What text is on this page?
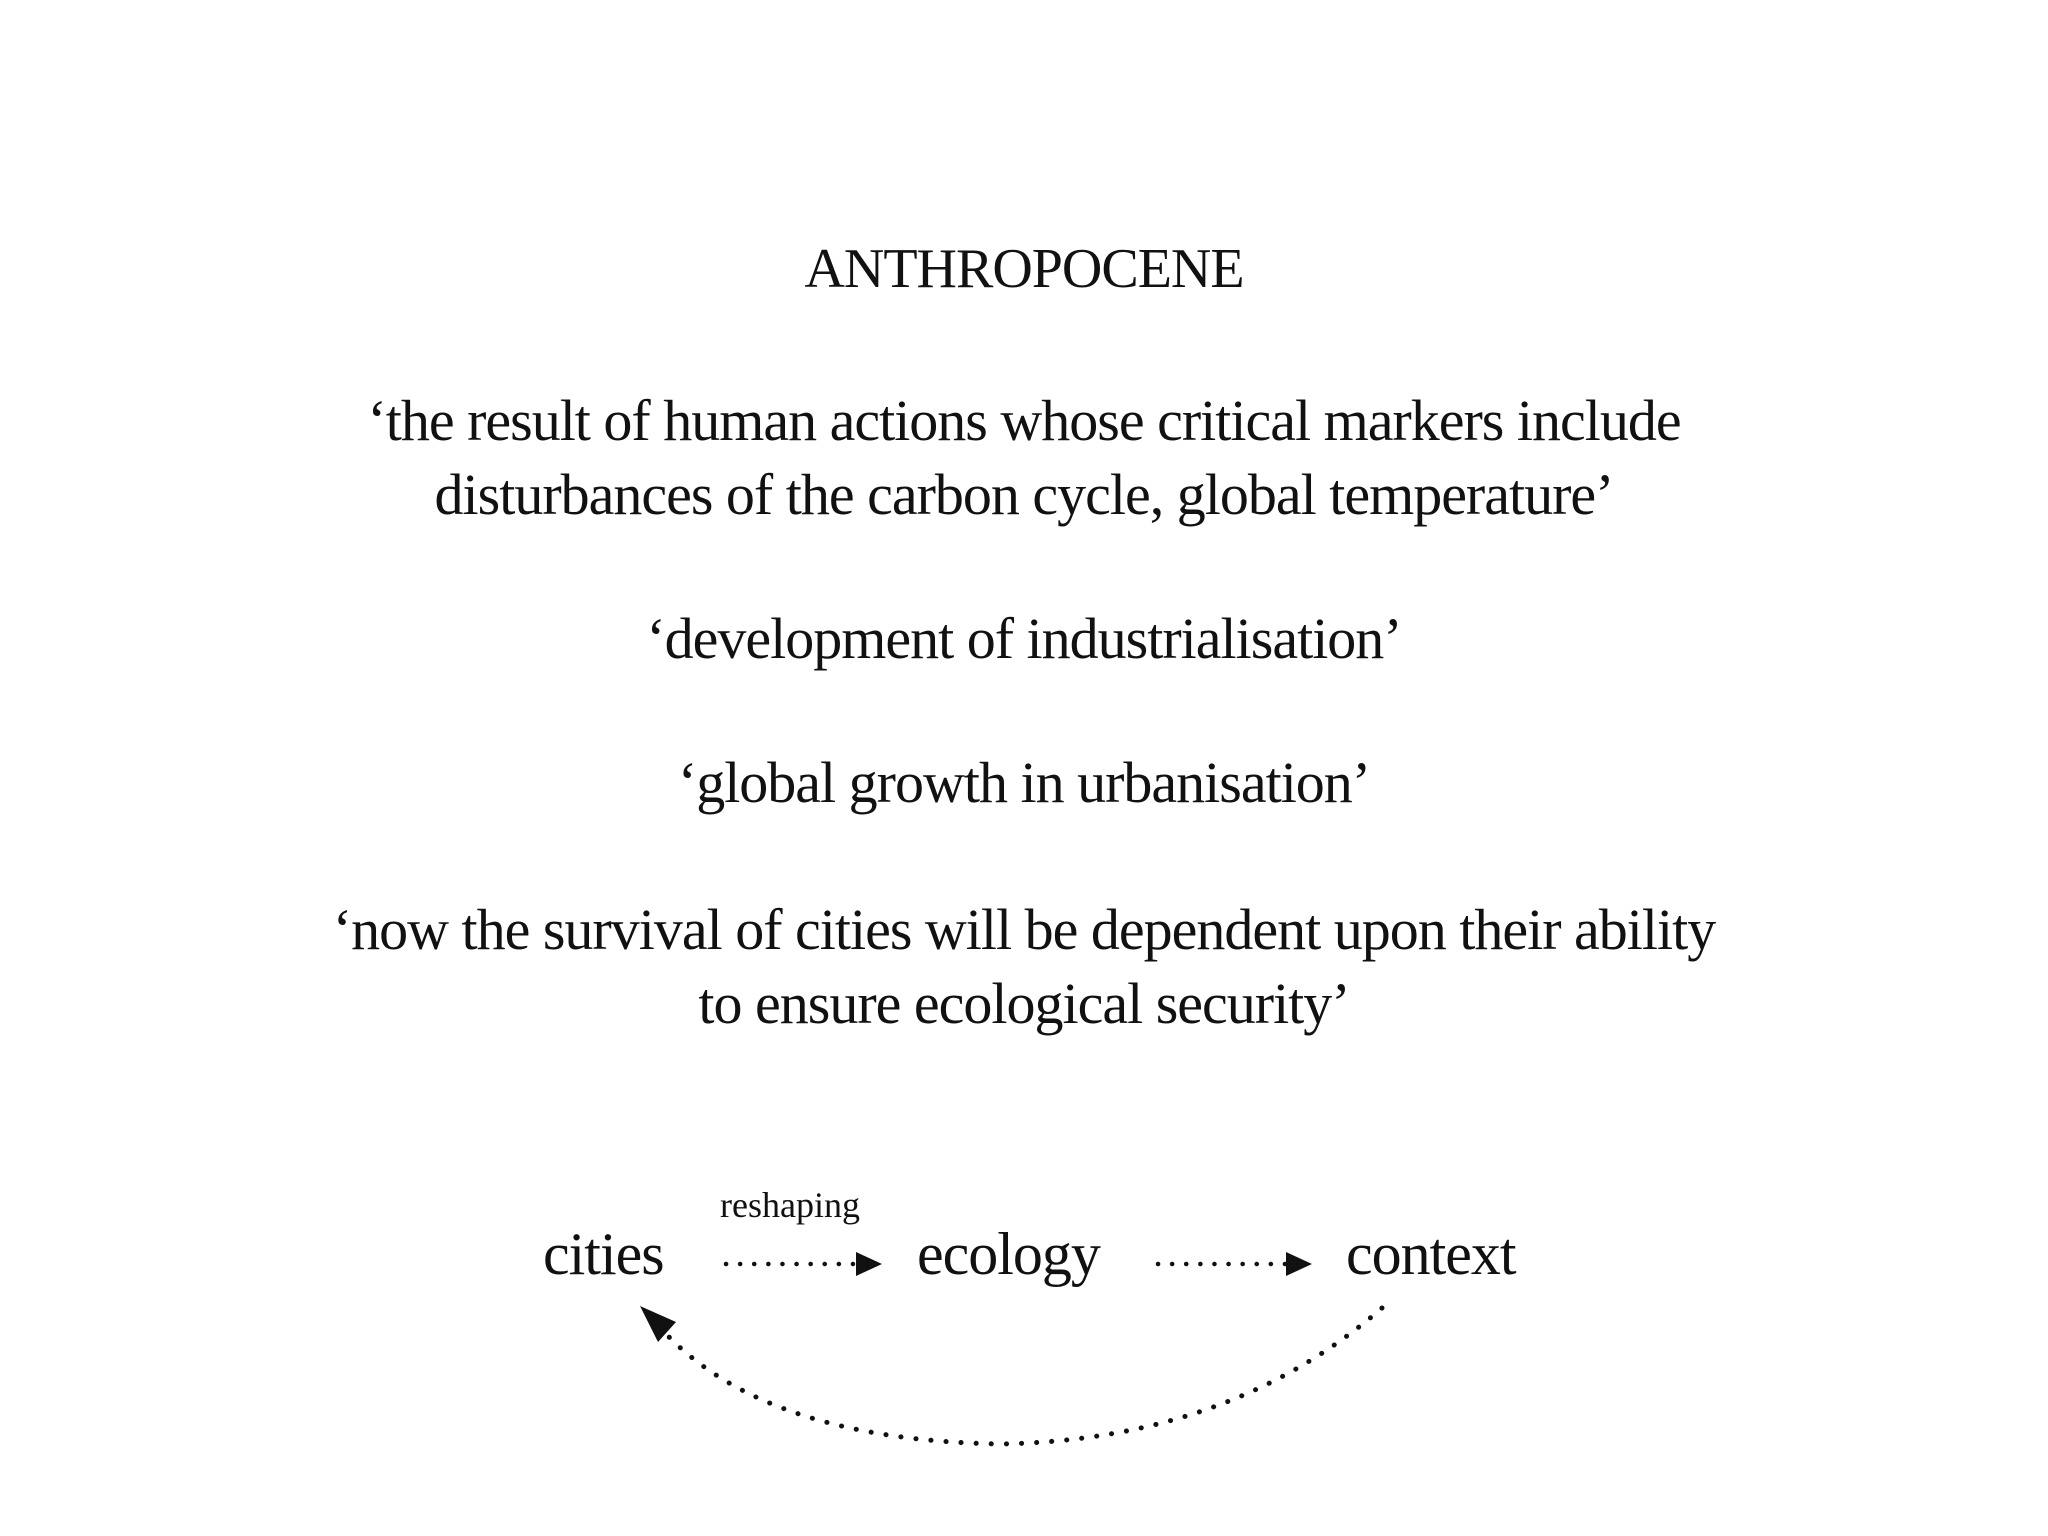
ANTHROPOCENE
‘the result of human actions whose critical markers include
disturbances of the carbon cycle, global temperature’
‘development of industrialisation’
‘global growth in urbanisation’
‘now the survival of cities will be dependent upon their ability
to ensure ecological security’
cities	ecology	context
reshaping
